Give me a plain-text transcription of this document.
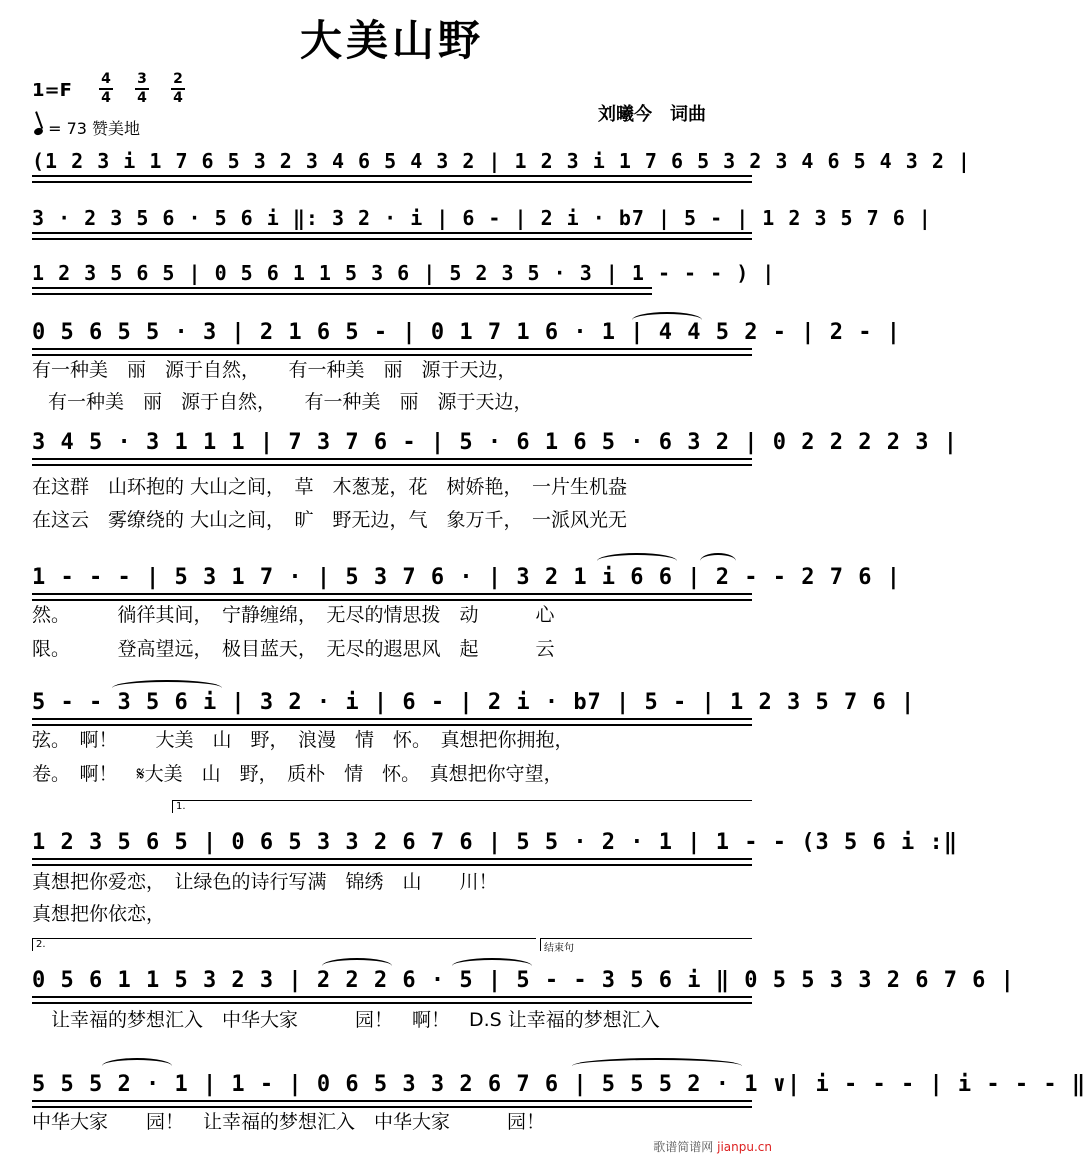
大美山野
1=F
4
4
3
4
2
4
= 73 赞美地
刘曦今　词曲
(1 2 3 i 1 7 6 5 3 2 3 4 6 5 4 3 2 | 1 2 3 i 1 7 6 5 3 2 3 4 6 5 4 3 2 |
3 · 2 3 5 6 · 5 6 i ‖: 3 2 · i | 6 - | 2 i · b7 | 5 - | 1 2 3 5 7 6 |
1 2 3 5 6 5 | 0 5 6 1 1 5 3 6 | 5 2 3 5 · 3 | 1 - - - ) |
0 5 6 5 5 · 3 | 2 1 6 5 - | 0 1 7 1 6 · 1 | 4 4 5 2 - | 2 - |
有一种美　丽　源于自然，　　有一种美　丽　源于天边，
有一种美　丽　源于自然，　　有一种美　丽　源于天边，
3 4 5 · 3 1 1 1 | 7 3 7 6 - | 5 · 6 1 6 5 · 6 3 2 | 0 2 2 2 2 3 |
在这群　山环抱的 大山之间，　草　木葱茏，花　树娇艳，　一片生机盎
在这云　雾缭绕的 大山之间，　旷　野无边，气　象万千，　一派风光无
1 - - - | 5 3 1 7 · | 5 3 7 6 · | 3 2 1 i 6 6 | 2 - - 2 7 6 |
然。　　　徜徉其间，　宁静缠绵，　无尽的情思拨　动　　　心
限。　　　登高望远，　极目蓝天，　无尽的遐思风　起　　　云
5 - - 3 5 6 i | 3 2 · i | 6 - | 2 i · b7 | 5 - | 1 2 3 5 7 6 |
弦。　啊！　　大美　山　野，　浪漫　情　怀。　真想把你拥抱，
卷。　啊！　𝄋大美　山　野，　质朴　情　怀。　真想把你守望，
1.
1 2 3 5 6 5 | 0 6 5 3 3 2 6 7 6 | 5 5 · 2 · 1 | 1 - - (3 5 6 i :‖
真想把你爱恋，　让绿色的诗行写满　锦绣　山　　川！
真想把你依恋，
2.	结束句
0 5 6 1 1 5 3 2 3 | 2 2 2 6 · 5 | 5 - - 3 5 6 i ‖ 0 5 5 3 3 2 6 7 6 |
　让幸福的梦想汇入　中华大家　　　园！　啊！　D.S 让幸福的梦想汇入
5 5 5 2 · 1 | 1 - | 0 6 5 3 3 2 6 7 6 | 5 5 5 2 · 1 ∨| i - - - | i - - - ‖
中华大家　　园！　让幸福的梦想汇入　中华大家　　　园！
歌谱简谱网 jianpu.cn
